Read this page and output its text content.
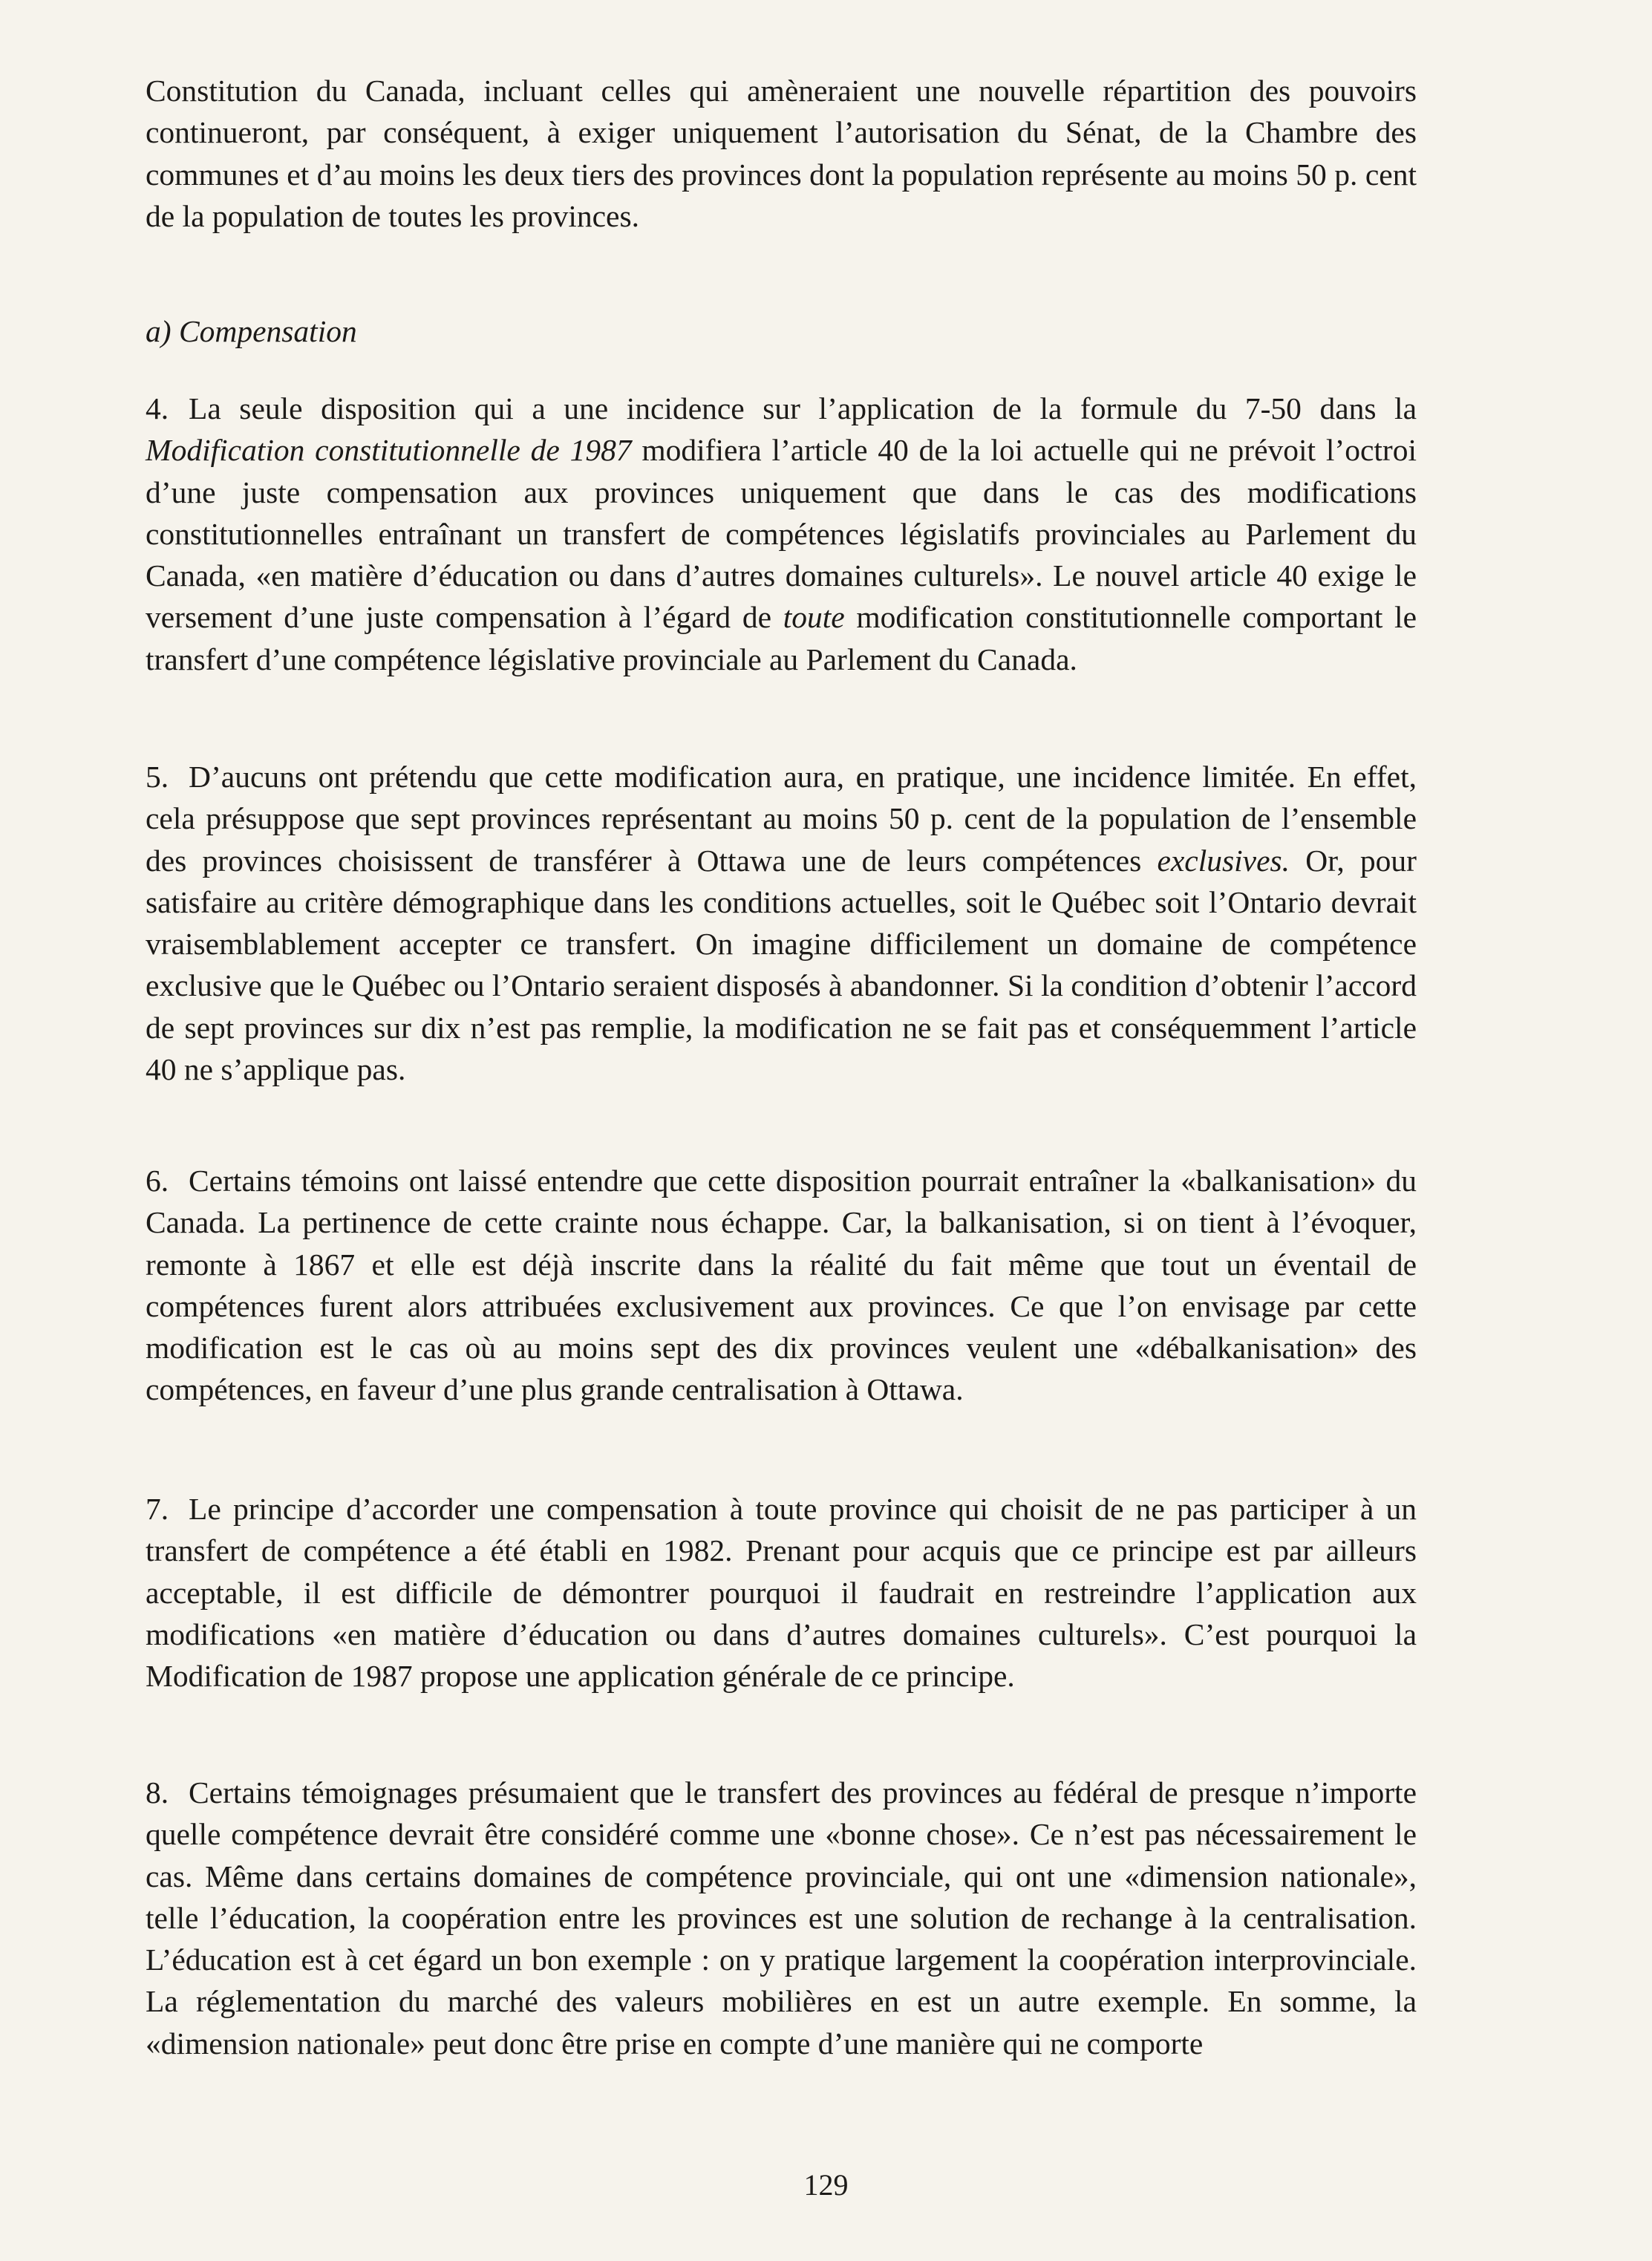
Constitution du Canada, incluant celles qui amèneraient une nouvelle répartition des pouvoirs continueront, par conséquent, à exiger uniquement l’autorisation du Sénat, de la Chambre des communes et d’au moins les deux tiers des provinces dont la population représente au moins 50 p. cent de la population de toutes les provinces.

a) Compensation

4. La seule disposition qui a une incidence sur l’application de la formule du 7-50 dans la Modification constitutionnelle de 1987 modifiera l’article 40 de la loi actuelle qui ne prévoit l’octroi d’une juste compensation aux provinces uniquement que dans le cas des modifications constitutionnelles entraînant un transfert de compétences législatifs provinciales au Parlement du Canada, «en matière d’éducation ou dans d’autres domaines culturels». Le nouvel article 40 exige le versement d’une juste compensation à l’égard de toute modification constitutionnelle comportant le transfert d’une compétence législative provinciale au Parlement du Canada.

5. D’aucuns ont prétendu que cette modification aura, en pratique, une incidence limitée. En effet, cela présuppose que sept provinces représentant au moins 50 p. cent de la population de l’ensemble des provinces choisissent de transférer à Ottawa une de leurs compétences exclusives. Or, pour satisfaire au critère démographique dans les conditions actuelles, soit le Québec soit l’Ontario devrait vraisemblablement accepter ce transfert. On imagine difficilement un domaine de compétence exclusive que le Québec ou l’Ontario seraient disposés à abandonner. Si la condition d’obtenir l’accord de sept provinces sur dix n’est pas remplie, la modification ne se fait pas et conséquemment l’article 40 ne s’applique pas.

6. Certains témoins ont laissé entendre que cette disposition pourrait entraîner la «balkanisation» du Canada. La pertinence de cette crainte nous échappe. Car, la balkanisation, si on tient à l’évoquer, remonte à 1867 et elle est déjà inscrite dans la réalité du fait même que tout un éventail de compétences furent alors attribuées exclusivement aux provinces. Ce que l’on envisage par cette modification est le cas où au moins sept des dix provinces veulent une «débalkanisation» des compétences, en faveur d’une plus grande centralisation à Ottawa.

7. Le principe d’accorder une compensation à toute province qui choisit de ne pas participer à un transfert de compétence a été établi en 1982. Prenant pour acquis que ce principe est par ailleurs acceptable, il est difficile de démontrer pourquoi il faudrait en restreindre l’application aux modifications «en matière d’éducation ou dans d’autres domaines culturels». C’est pourquoi la Modification de 1987 propose une application générale de ce principe.

8. Certains témoignages présumaient que le transfert des provinces au fédéral de presque n’importe quelle compétence devrait être considéré comme une «bonne chose». Ce n’est pas nécessairement le cas. Même dans certains domaines de compétence provinciale, qui ont une «dimension nationale», telle l’éducation, la coopération entre les provinces est une solution de rechange à la centralisation. L’éducation est à cet égard un bon exemple : on y pratique largement la coopération interprovinciale. La réglementation du marché des valeurs mobilières en est un autre exemple. En somme, la «dimension nationale» peut donc être prise en compte d’une manière qui ne comporte

129
